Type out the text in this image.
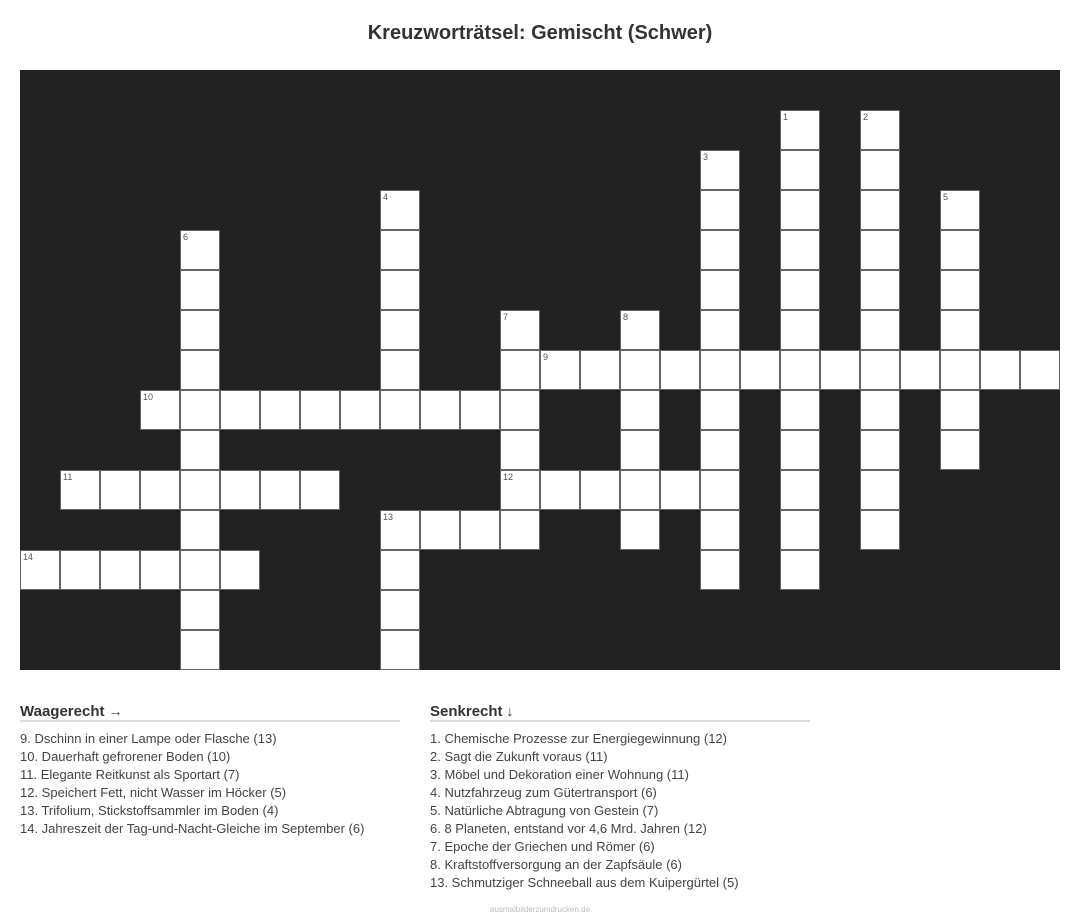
Kreuzworträtsel: Gemischt (Schwer)
1	2
3
4	5
6
7	8
9
10
11	12
13
14
Waagerecht →
9. Dschinn in einer Lampe oder Flasche (13)
10. Dauerhaft gefrorener Boden (10)
11. Elegante Reitkunst als Sportart (7)
12. Speichert Fett, nicht Wasser im Höcker (5)
13. Trifolium, Stickstoffsammler im Boden (4)
14. Jahreszeit der Tag-und-Nacht-Gleiche im September (6)
Senkrecht ↓
1. Chemische Prozesse zur Energiegewinnung (12)
2. Sagt die Zukunft voraus (11)
3. Möbel und Dekoration einer Wohnung (11)
4. Nutzfahrzeug zum Gütertransport (6)
5. Natürliche Abtragung von Gestein (7)
6. 8 Planeten, entstand vor 4,6 Mrd. Jahren (12)
7. Epoche der Griechen und Römer (6)
8. Kraftstoffversorgung an der Zapfsäule (6)
13. Schmutziger Schneeball aus dem Kuipergürtel (5)
ausmalbilderzumdrucken.de
